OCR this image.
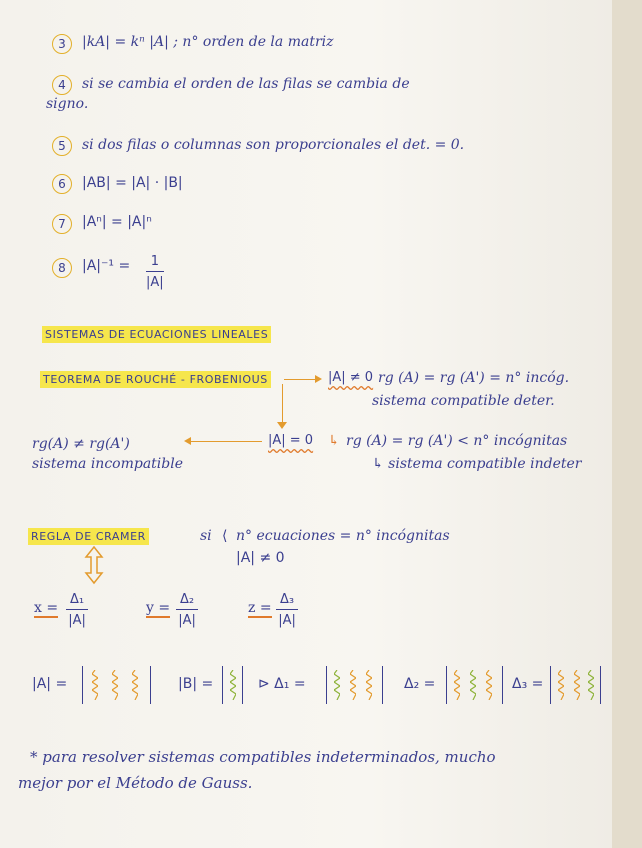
3	|kA| = kⁿ |A| ; n° orden de la matriz
4	si se cambia el orden de las filas se cambia de
signo.
5	si dos filas o columnas son proporcionales el det. = 0.
6	|AB| = |A| · |B|
7	|Aⁿ| = |A|ⁿ
8	$|A|^{-1} = \frac{1}{|A|}$
SISTEMAS DE ECUACIONES LINEALES
TEOREMA DE ROUCHÉ - FROBENIOUS	|A| ≠ 0 rg (A) = rg (A') = n° incóg.
sistema compatible deter.
|A| = 0 ↳ rg (A) = rg (A') < n° incógnitas
↳ sistema compatible indeter
rg(A) ≠ rg(A')
sistema incompatible
REGLA DE CRAMER	si ⟨ n° ecuaciones = n° incógnitas
|A| ≠ 0
$x = \frac{\text{Δ₁}}{|A|}$	$y = \frac{\text{Δ₂}}{|A|}$	$z = \frac{\text{Δ₃}}{|A|}$
|A| =	|B| =	⊳ Δ₁ =	Δ₂ =	Δ₃ =
* para resolver sistemas compatibles indeterminados, mucho
mejor por el Método de Gauss.
